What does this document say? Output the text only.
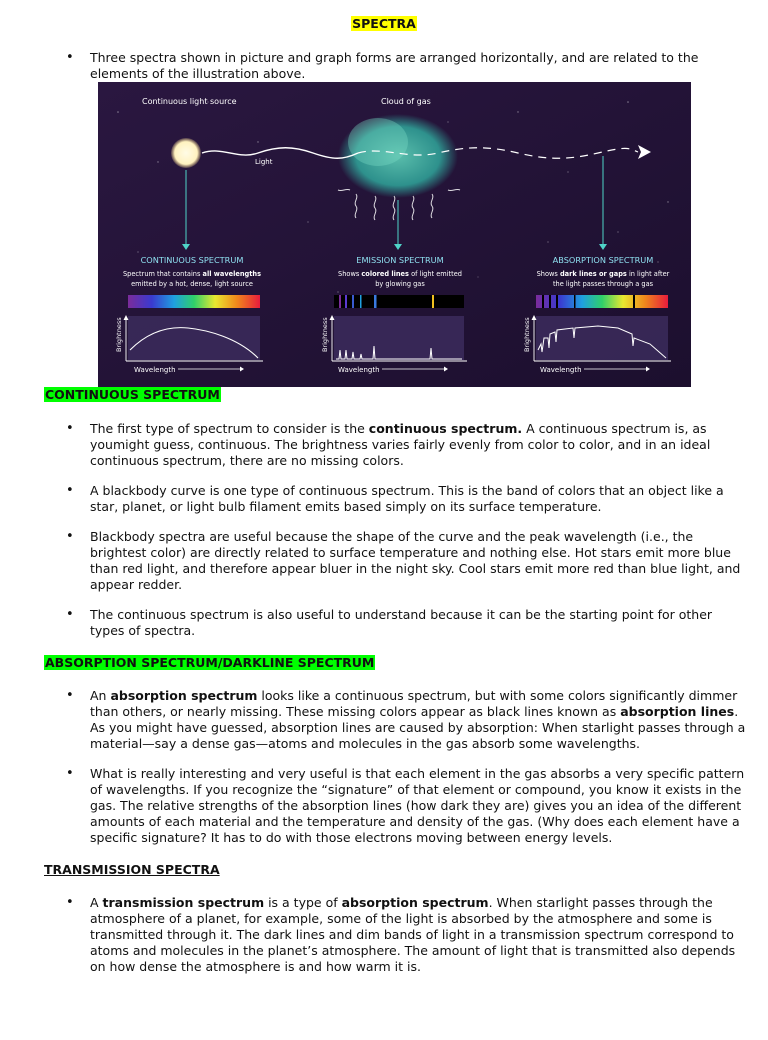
SPECTRA
• Three spectra shown in picture and graph forms are arranged horizontally, and are related to the elements of the illustration above.
Continuous light source	Cloud of gas
Light
CONTINUOUS SPECTRUM	EMISSION SPECTRUM	ABSORPTION SPECTRUM
Spectrum that contains all wavelengths
emitted by a hot, dense, light source
Shows colored lines of light emitted
by glowing gas
Shows dark lines or gaps in light after
the light passes through a gas
Brightness	Brightness	Brightness
Wavelength	Wavelength	Wavelength
CONTINUOUS SPECTRUM
• The first type of spectrum to consider is the continuous spectrum. A continuous spectrum is, as youmight guess, continuous. The brightness varies fairly evenly from color to color, and in an ideal continuous spectrum, there are no missing colors.
• A blackbody curve is one type of continuous spectrum. This is the band of colors that an object like a star, planet, or light bulb filament emits based simply on its surface temperature.
• Blackbody spectra are useful because the shape of the curve and the peak wavelength (i.e., the brightest color) are directly related to surface temperature and nothing else. Hot stars emit more blue than red light, and therefore appear bluer in the night sky. Cool stars emit more red than blue light, and appear redder.
• The continuous spectrum is also useful to understand because it can be the starting point for other types of spectra.
ABSORPTION SPECTRUM/DARKLINE SPECTRUM
• An absorption spectrum looks like a continuous spectrum, but with some colors significantly dimmer than others, or nearly missing. These missing colors appear as black lines known as absorption lines. As you might have guessed, absorption lines are caused by absorption: When starlight passes through a material—say a dense gas—atoms and molecules in the gas absorb some wavelengths.
• What is really interesting and very useful is that each element in the gas absorbs a very specific pattern of wavelengths. If you recognize the “signature” of that element or compound, you know it exists in the gas. The relative strengths of the absorption lines (how dark they are) gives you an idea of the different amounts of each material and the temperature and density of the gas. (Why does each element have a specific signature? It has to do with those electrons moving between energy levels.
TRANSMISSION SPECTRA
• A transmission spectrum is a type of absorption spectrum. When starlight passes through the atmosphere of a planet, for example, some of the light is absorbed by the atmosphere and some is transmitted through it. The dark lines and dim bands of light in a transmission spectrum correspond to atoms and molecules in the planet’s atmosphere. The amount of light that is transmitted also depends on how dense the atmosphere is and how warm it is.
